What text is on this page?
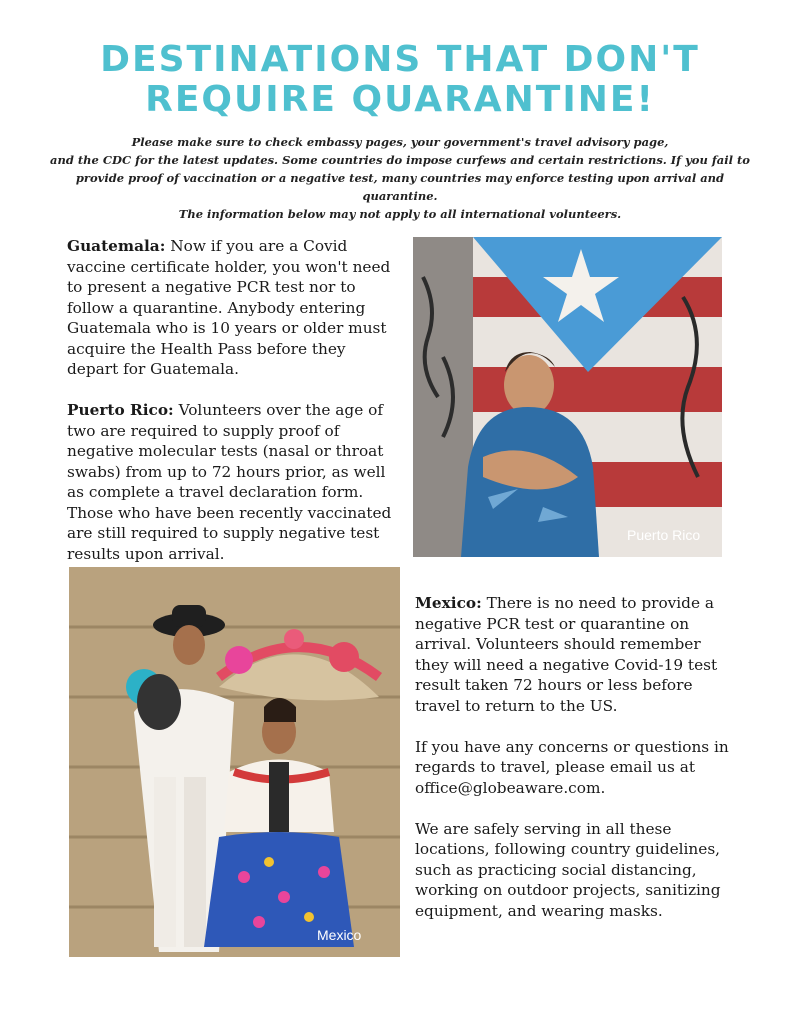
DESTINATIONS THAT DON'T
REQUIRE QUARANTINE!
Please make sure to check embassy pages, your government's travel advisory page,
and the CDC for the latest updates. Some countries do impose curfews and certain restrictions. If you fail to
provide proof of vaccination or a negative test, many countries may enforce testing upon arrival and quarantine.
The information below may not apply to all international volunteers.

Guatemala: Now if you are a Covid vaccine certificate holder, you won't need to present a negative PCR test nor to follow a quarantine. Anybody entering Guatemala who is 10 years or older must acquire the Health Pass before they depart for Guatemala.

Puerto Rico: Volunteers over the age of two are required to supply proof of negative molecular tests (nasal or throat swabs) from up to 72 hours prior, as well as complete a travel declaration form. Those who have been recently vaccinated are still required to supply negative test results upon arrival.

Puerto Rico
Mexico

Mexico: There is no need to provide a negative PCR test or quarantine on arrival. Volunteers should remember they will need a negative Covid-19 test result taken 72 hours or less before travel to return to the US.

If you have any concerns or questions in regards to travel, please email us at office@globeaware.com.

We are safely serving in all these locations, following country guidelines, such as practicing social distancing, working on outdoor projects, sanitizing equipment, and wearing masks.
